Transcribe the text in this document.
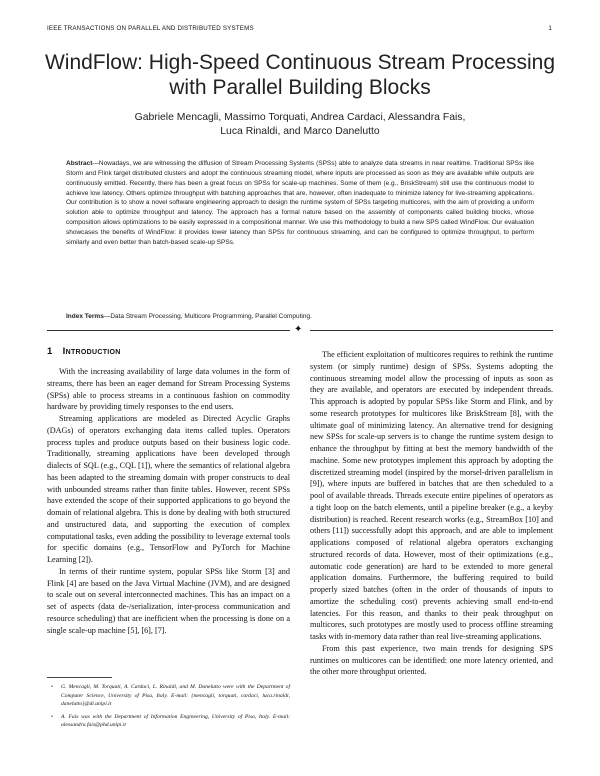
IEEE TRANSACTIONS ON PARALLEL AND DISTRIBUTED SYSTEMS	1
WindFlow: High-Speed Continuous Stream Processing with Parallel Building Blocks
Gabriele Mencagli, Massimo Torquati, Andrea Cardaci, Alessandra Fais,
Luca Rinaldi, and Marco Danelutto
Abstract—Nowadays, we are witnessing the diffusion of Stream Processing Systems (SPSs) able to analyze data streams in near realtime. Traditional SPSs like Storm and Flink target distributed clusters and adopt the continuous streaming model, where inputs are processed as soon as they are available while outputs are continuously emitted. Recently, there has been a great focus on SPSs for scale-up machines. Some of them (e.g., BriskStream) still use the continuous model to achieve low latency. Others optimize throughput with batching approaches that are, however, often inadequate to minimize latency for live-streaming applications. Our contribution is to show a novel software engineering approach to design the runtime system of SPSs targeting multicores, with the aim of providing a uniform solution able to optimize throughput and latency. The approach has a formal nature based on the assembly of components called building blocks, whose composition allows optimizations to be easily expressed in a compositional manner. We use this methodology to build a new SPS called WindFlow. Our evaluation showcases the benefits of WindFlow: it provides lower latency than SPSs for continuous streaming, and can be configured to optimize throughput, to perform similarly and even better than batch-based scale-up SPSs.
Index Terms—Data Stream Processing, Multicore Programming, Parallel Computing.
✦
1 Introduction

With the increasing availability of large data volumes in the form of streams, there has been an eager demand for Stream Processing Systems (SPSs) able to process streams in a continuous fashion on commodity hardware by providing timely responses to the end users.

Streaming applications are modeled as Directed Acyclic Graphs (DAGs) of operators exchanging data items called tuples. Operators process tuples and produce outputs based on their business logic code. Traditionally, streaming applications have been developed through dialects of SQL (e.g., CQL [1]), where the semantics of relational algebra has been adapted to the streaming domain with proper constructs to deal with unbounded streams rather than finite tables. However, recent SPSs have extended the scope of their supported applications to go beyond the domain of relational algebra. This is done by dealing with both structured and unstructured data, and supporting the execution of complex computational tasks, even adding the possibility to leverage external tools for specific domains (e.g., TensorFlow and PyTorch for Machine Learning [2]).

In terms of their runtime system, popular SPSs like Storm [3] and Flink [4] are based on the Java Virtual Machine (JVM), and are designed to scale out on several interconnected machines. This has an impact on a set of aspects (data de-/serialization, inter-process communication and resource scheduling) that are inefficient when the processing is done on a single scale-up machine [5], [6], [7].

The efficient exploitation of multicores requires to rethink the runtime system (or simply runtime) design of SPSs. Systems adopting the continuous streaming model allow the processing of inputs as soon as they are available, and operators are executed by independent threads. This approach is adopted by popular SPSs like Storm and Flink, and by some research prototypes for multicores like BriskStream [8], with the ultimate goal of minimizing latency. An alternative trend for designing new SPSs for scale-up servers is to change the runtime system design to enhance the throughput by fitting at best the memory bandwidth of the machine. Some new prototypes implement this approach by adopting the discretized streaming model (inspired by the morsel-driven parallelism in [9]), where inputs are buffered in batches that are then scheduled to a pool of available threads. Threads execute entire pipelines of operators as a tight loop on the batch elements, until a pipeline breaker (e.g., a keyby distribution) is reached. Recent research works (e.g., StreamBox [10] and others [11]) successfully adopt this approach, and are able to implement applications composed of relational algebra operators exchanging structured records of data. However, most of their optimizations (e.g., automatic code generation) are hard to be extended to more general application domains. Furthermore, the buffering required to build properly sized batches (often in the order of thousands of inputs to amortize the scheduling cost) prevents achieving small end-to-end latencies. For this reason, and thanks to their peak throughput on multicores, such prototypes are mostly used to process offline streaming tasks with in-memory data rather than real live-streaming applications.

From this past experience, two main trends for designing SPS runtimes on multicores can be identified: one more latency oriented, and the other more throughput oriented.

• G. Mencagli, M. Torquati, A. Cardaci, L. Rinaldi, and M. Danelutto were with the Department of Computer Science, University of Pisa, Italy. E-mail: {mencagli, torquati, cardaci, luca.rinaldi, danelutto}@di.unipi.it
• A. Fais was with the Department of Information Engineering, University of Pisa, Italy. E-mail: alessandra.fais@phd.unipi.it
